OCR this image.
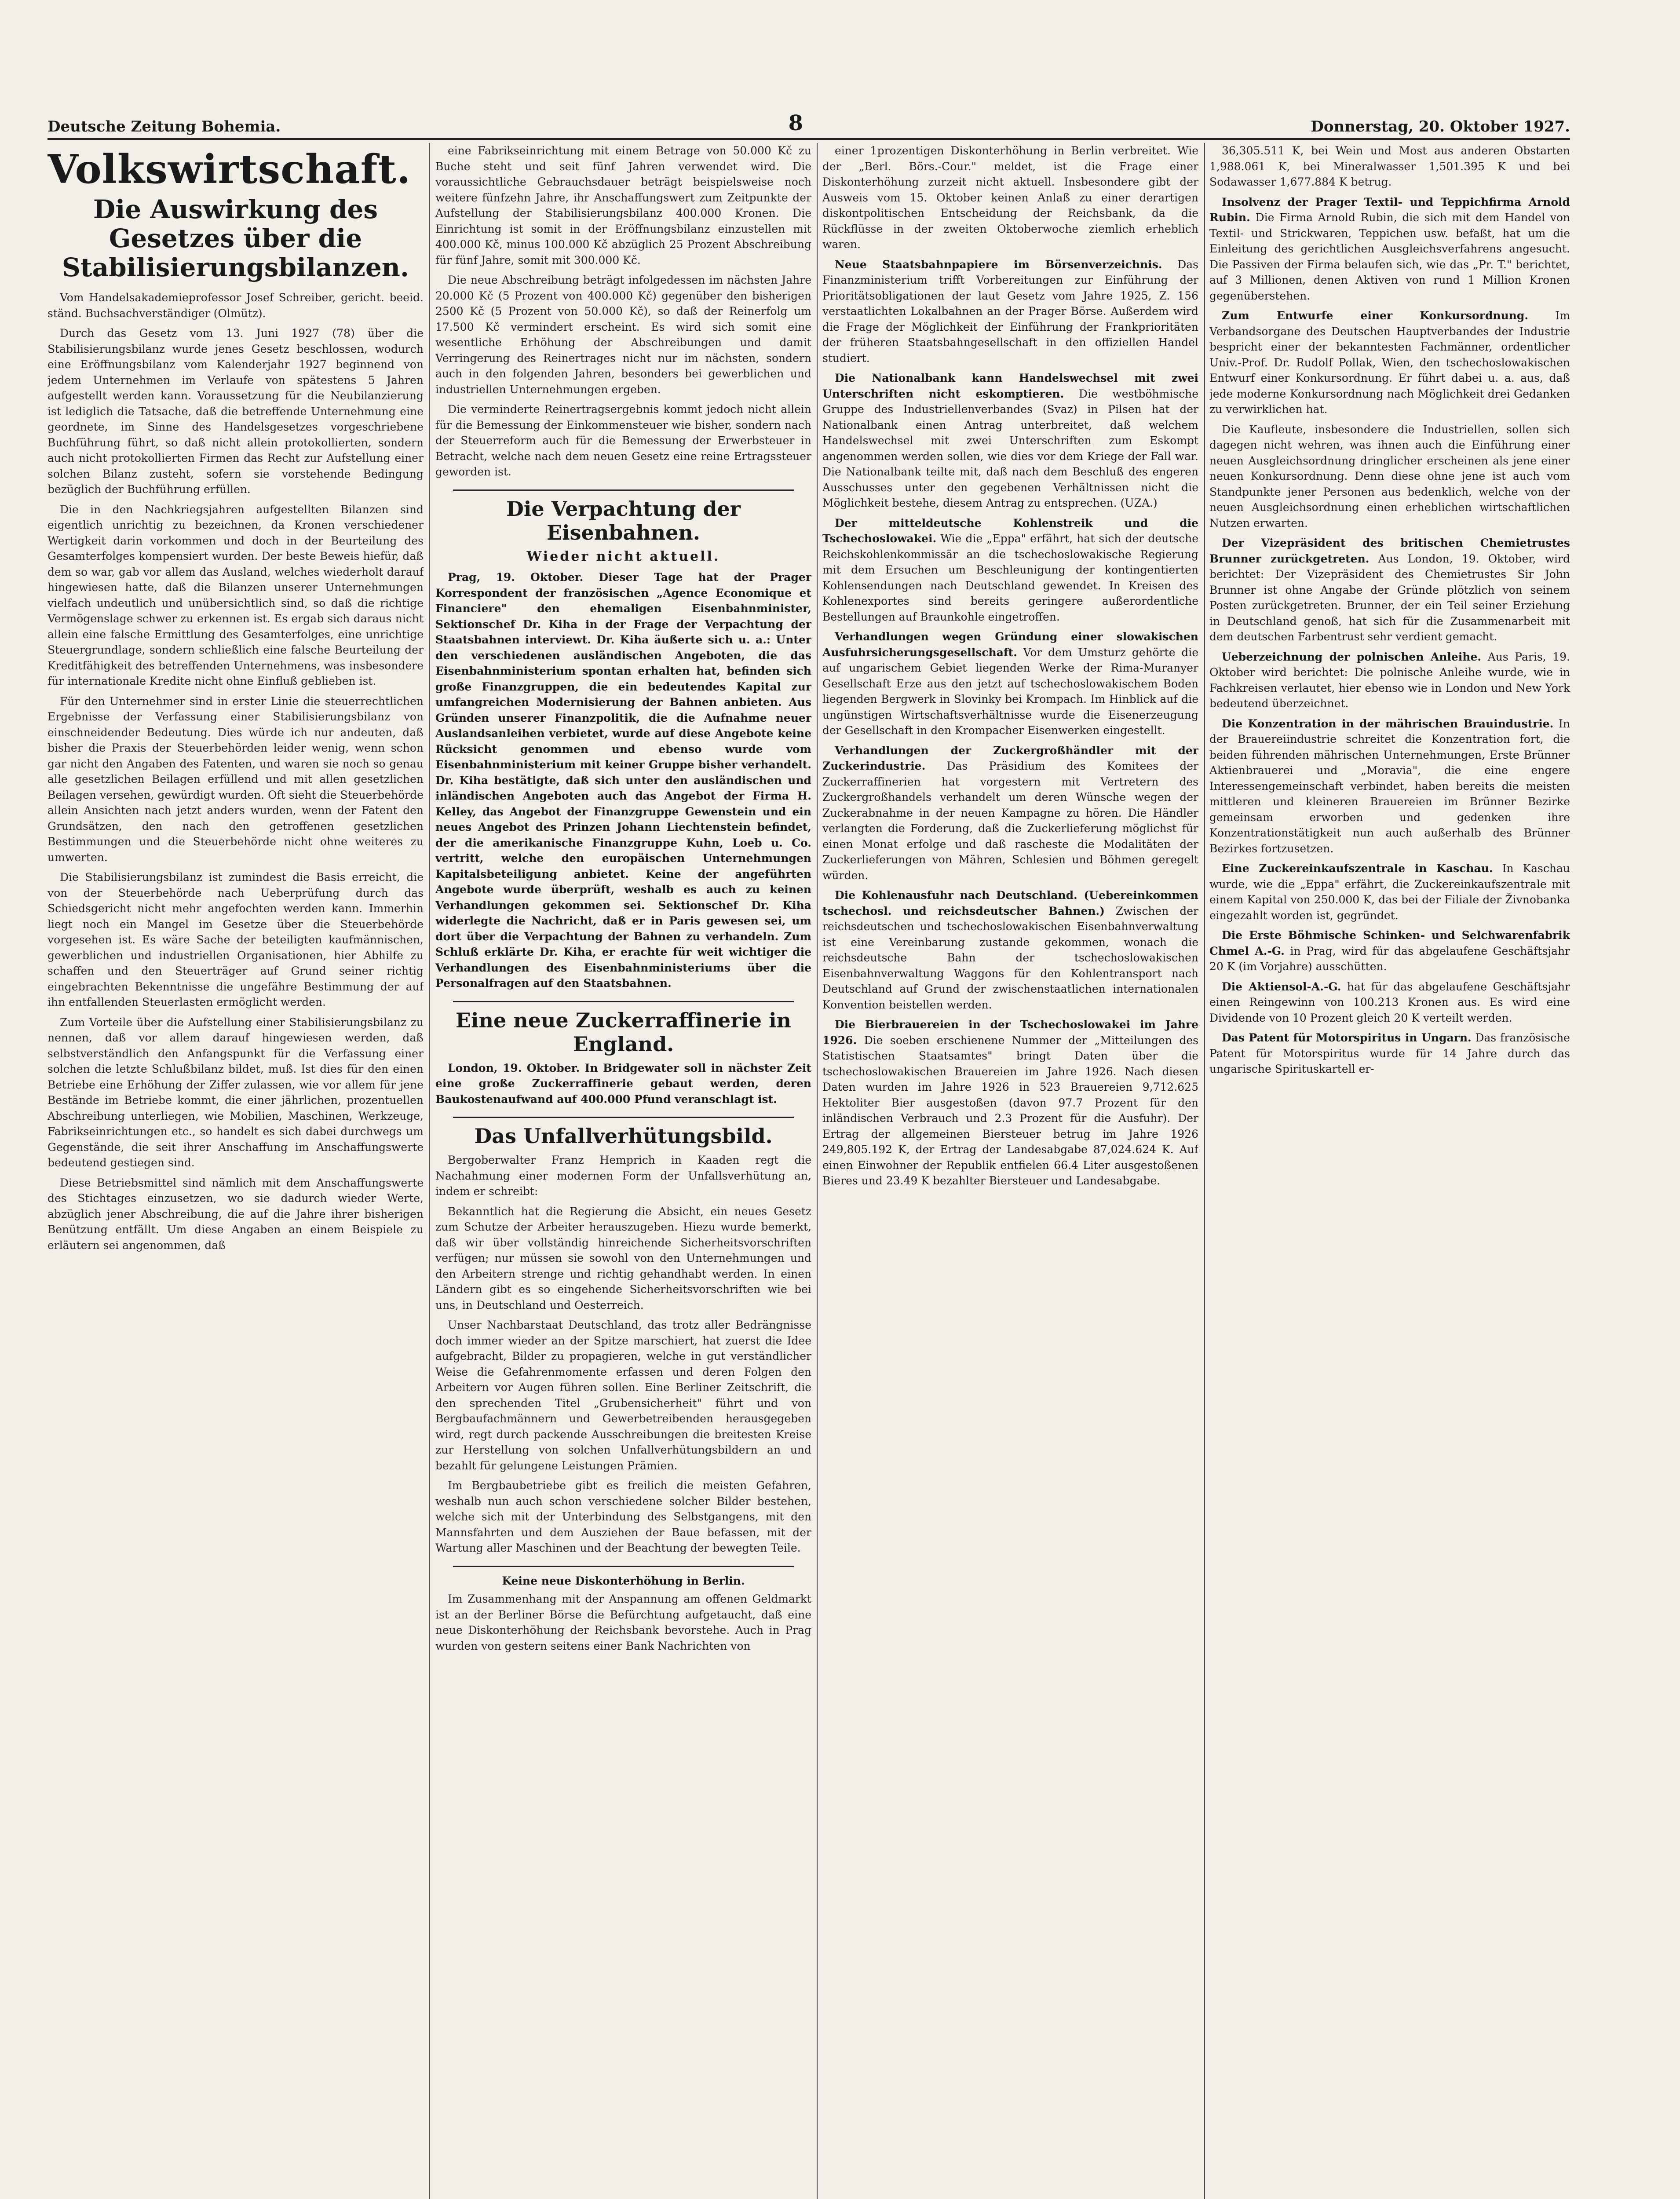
Deutsche Zeitung Bohemia.	8	Donnerstag, 20. Oktober 1927.
Volkswirtschaft.
Die Auswirkung des Gesetzes über die Stabilisierungsbilanzen.

Vom Handelsakademieprofessor Josef Schreiber, gericht. beeid. ständ. Buchsachverständiger (Olmütz).

Durch das Gesetz vom 13. Juni 1927 (78) über die Stabilisierungsbilanz wurde jenes Gesetz beschlossen, wodurch eine Eröffnungsbilanz vom Kalenderjahr 1927 beginnend von jedem Unternehmen im Verlaufe von spätestens 5 Jahren aufgestellt werden kann. Voraussetzung für die Neubilanzierung ist lediglich die Tatsache, daß die betreffende Unternehmung eine geordnete, im Sinne des Handelsgesetzes vorgeschriebene Buchführung führt, so daß nicht allein protokollierten, sondern auch nicht protokollierten Firmen das Recht zur Aufstellung einer solchen Bilanz zusteht, sofern sie vorstehende Bedingung bezüglich der Buchführung erfüllen.

Die in den Nachkriegsjahren aufgestellten Bilanzen sind eigentlich unrichtig zu bezeichnen, da Kronen verschiedener Wertigkeit darin vorkommen und doch in der Beurteilung des Gesamterfolges kompensiert wurden. Der beste Beweis hiefür, daß dem so war, gab vor allem das Ausland, welches wiederholt darauf hingewiesen hatte, daß die Bilanzen unserer Unternehmungen vielfach undeutlich und unübersichtlich sind, so daß die richtige Vermögenslage schwer zu erkennen ist. Es ergab sich daraus nicht allein eine falsche Ermittlung des Gesamterfolges, eine unrichtige Steuergrundlage, sondern schließlich eine falsche Beurteilung der Kreditfähigkeit des betreffenden Unternehmens, was insbesondere für internationale Kredite nicht ohne Einfluß geblieben ist.

Für den Unternehmer sind in erster Linie die steuerrechtlichen Ergebnisse der Verfassung einer Stabilisierungsbilanz von einschneidender Bedeutung. Dies würde ich nur andeuten, daß bisher die Praxis der Steuerbehörden leider wenig, wenn schon gar nicht den Angaben des Fatenten, und waren sie noch so genau alle gesetzlichen Beilagen erfüllend und mit allen gesetzlichen Beilagen versehen, gewürdigt wurden. Oft sieht die Steuerbehörde allein Ansichten nach jetzt anders wurden, wenn der Fatent den Grundsätzen, den nach den getroffenen gesetzlichen Bestimmungen und die Steuerbehörde nicht ohne weiteres zu umwerten.

Die Stabilisierungsbilanz ist zumindest die Basis erreicht, die von der Steuerbehörde nach Ueberprüfung durch das Schiedsgericht nicht mehr angefochten werden kann. Immerhin liegt noch ein Mangel im Gesetze über die Steuerbehörde vorgesehen ist. Es wäre Sache der beteiligten kaufmännischen, gewerblichen und industriellen Organisationen, hier Abhilfe zu schaffen und den Steuerträger auf Grund seiner richtig eingebrachten Bekenntnisse die ungefähre Bestimmung der auf ihn entfallenden Steuerlasten ermöglicht werden.

Zum Vorteile über die Aufstellung einer Stabilisierungsbilanz zu nennen, daß vor allem darauf hingewiesen werden, daß selbstverständlich den Anfangspunkt für die Verfassung einer solchen die letzte Schlußbilanz bildet, muß. Ist dies für den einen Betriebe eine Erhöhung der Ziffer zulassen, wie vor allem für jene Bestände im Betriebe kommt, die einer jährlichen, prozentuellen Abschreibung unterliegen, wie Mobilien, Maschinen, Werkzeuge, Fabrikseinrichtungen etc., so handelt es sich dabei durchwegs um Gegenstände, die seit ihrer Anschaffung im Anschaffungswerte bedeutend gestiegen sind.

Diese Betriebsmittel sind nämlich mit dem Anschaffungswerte des Stichtages einzusetzen, wo sie dadurch wieder Werte, abzüglich jener Abschreibung, die auf die Jahre ihrer bisherigen Benützung entfällt. Um diese Angaben an einem Beispiele zu erläutern sei angenommen, daß

eine Fabrikseinrichtung mit einem Betrage von 50.000 Kč zu Buche steht und seit fünf Jahren verwendet wird. Die voraussichtliche Gebrauchsdauer beträgt beispielsweise noch weitere fünfzehn Jahre, ihr Anschaffungswert zum Zeitpunkte der Aufstellung der Stabilisierungsbilanz 400.000 Kronen. Die Einrichtung ist somit in der Eröffnungsbilanz einzustellen mit 400.000 Kč, minus 100.000 Kč abzüglich 25 Prozent Abschreibung für fünf Jahre, somit mit 300.000 Kč.

Die neue Abschreibung beträgt infolgedessen im nächsten Jahre 20.000 Kč (5 Prozent von 400.000 Kč) gegenüber den bisherigen 2500 Kč (5 Prozent von 50.000 Kč), so daß der Reinerfolg um 17.500 Kč vermindert erscheint. Es wird sich somit eine wesentliche Erhöhung der Abschreibungen und damit Verringerung des Reinertrages nicht nur im nächsten, sondern auch in den folgenden Jahren, besonders bei gewerblichen und industriellen Unternehmungen ergeben.

Die verminderte Reinertragsergebnis kommt jedoch nicht allein für die Bemessung der Einkommensteuer wie bisher, sondern nach der Steuerreform auch für die Bemessung der Erwerbsteuer in Betracht, welche nach dem neuen Gesetz eine reine Ertragssteuer geworden ist.

Die Verpachtung der Eisenbahnen.
Wieder nicht aktuell.

Prag, 19. Oktober. Dieser Tage hat der Prager Korrespondent der französischen „Agence Economique et Financiere" den ehemaligen Eisenbahnminister, Sektionschef Dr. Kiha in der Frage der Verpachtung der Staatsbahnen interviewt. Dr. Kiha äußerte sich u. a.: Unter den verschiedenen ausländischen Angeboten, die das Eisenbahnministerium spontan erhalten hat, befinden sich große Finanzgruppen, die ein bedeutendes Kapital zur umfangreichen Modernisierung der Bahnen anbieten. Aus Gründen unserer Finanzpolitik, die die Aufnahme neuer Auslandsanleihen verbietet, wurde auf diese Angebote keine Rücksicht genommen und ebenso wurde vom Eisenbahnministerium mit keiner Gruppe bisher verhandelt. Dr. Kiha bestätigte, daß sich unter den ausländischen und inländischen Angeboten auch das Angebot der Firma H. Kelley, das Angebot der Finanzgruppe Gewenstein und ein neues Angebot des Prinzen Johann Liechtenstein befindet, der die amerikanische Finanzgruppe Kuhn, Loeb u. Co. vertritt, welche den europäischen Unternehmungen Kapitalsbeteiligung anbietet. Keine der angeführten Angebote wurde überprüft, weshalb es auch zu keinen Verhandlungen gekommen sei. Sektionschef Dr. Kiha widerlegte die Nachricht, daß er in Paris gewesen sei, um dort über die Verpachtung der Bahnen zu verhandeln. Zum Schluß erklärte Dr. Kiha, er erachte für weit wichtiger die Verhandlungen des Eisenbahnministeriums über die Personalfragen auf den Staatsbahnen.

Eine neue Zuckerraffinerie in England.

London, 19. Oktober. In Bridgewater soll in nächster Zeit eine große Zuckerraffinerie gebaut werden, deren Baukostenaufwand auf 400.000 Pfund veranschlagt ist.

Das Unfallverhütungsbild.

Bergoberwalter Franz Hemprich in Kaaden regt die Nachahmung einer modernen Form der Unfallsverhütung an, indem er schreibt:

Bekanntlich hat die Regierung die Absicht, ein neues Gesetz zum Schutze der Arbeiter herauszugeben. Hiezu wurde bemerkt, daß wir über vollständig hinreichende Sicherheitsvorschriften verfügen; nur müssen sie sowohl von den Unternehmungen und den Arbeitern strenge und richtig gehandhabt werden. In einen Ländern gibt es so eingehende Sicherheitsvorschriften wie bei uns, in Deutschland und Oesterreich.

Unser Nachbarstaat Deutschland, das trotz aller Bedrängnisse doch immer wieder an der Spitze marschiert, hat zuerst die Idee aufgebracht, Bilder zu propagieren, welche in gut verständlicher Weise die Gefahrenmomente erfassen und deren Folgen den Arbeitern vor Augen führen sollen. Eine Berliner Zeitschrift, die den sprechenden Titel „Grubensicherheit" führt und von Bergbaufachmännern und Gewerbetreibenden herausgegeben wird, regt durch packende Ausschreibungen die breitesten Kreise zur Herstellung von solchen Unfallverhütungsbildern an und bezahlt für gelungene Leistungen Prämien.

Im Bergbaubetriebe gibt es freilich die meisten Gefahren, weshalb nun auch schon verschiedene solcher Bilder bestehen, welche sich mit der Unterbindung des Selbstgangens, mit den Mannsfahrten und dem Ausziehen der Baue befassen, mit der Wartung aller Maschinen und der Beachtung der bewegten Teile.

Keine neue Diskonterhöhung in Berlin.

Im Zusammenhang mit der Anspannung am offenen Geldmarkt ist an der Berliner Börse die Befürchtung aufgetaucht, daß eine neue Diskonterhöhung der Reichsbank bevorstehe. Auch in Prag wurden von gestern seitens einer Bank Nachrichten von

einer 1prozentigen Diskonterhöhung in Berlin verbreitet. Wie der „Berl. Börs.-Cour." meldet, ist die Frage einer Diskonterhöhung zurzeit nicht aktuell. Insbesondere gibt der Ausweis vom 15. Oktober keinen Anlaß zu einer derartigen diskontpolitischen Entscheidung der Reichsbank, da die Rückflüsse in der zweiten Oktoberwoche ziemlich erheblich waren.

Neue Staatsbahnpapiere im Börsenverzeichnis. Das Finanzministerium trifft Vorbereitungen zur Einführung der Prioritätsobligationen der laut Gesetz vom Jahre 1925, Z. 156 verstaatlichten Lokalbahnen an der Prager Börse. Außerdem wird die Frage der Möglichkeit der Einführung der Frankprioritäten der früheren Staatsbahngesellschaft in den offiziellen Handel studiert.

Die Nationalbank kann Handelswechsel mit zwei Unterschriften nicht eskomptieren. Die westböhmische Gruppe des Industriellenverbandes (Svaz) in Pilsen hat der Nationalbank einen Antrag unterbreitet, daß welchem Handelswechsel mit zwei Unterschriften zum Eskompt angenommen werden sollen, wie dies vor dem Kriege der Fall war. Die Nationalbank teilte mit, daß nach dem Beschluß des engeren Ausschusses unter den gegebenen Verhältnissen nicht die Möglichkeit bestehe, diesem Antrag zu entsprechen. (UZA.)

Der mitteldeutsche Kohlenstreik und die Tschechoslowakei. Wie die „Eppa" erfährt, hat sich der deutsche Reichskohlenkommissär an die tschechoslowakische Regierung mit dem Ersuchen um Beschleunigung der kontingentierten Kohlensendungen nach Deutschland gewendet. In Kreisen des Kohlenexportes sind bereits geringere außerordentliche Bestellungen auf Braunkohle eingetroffen.

Verhandlungen wegen Gründung einer slowakischen Ausfuhrsicherungsgesellschaft. Vor dem Umsturz gehörte die auf ungarischem Gebiet liegenden Werke der Rima-Muranyer Gesellschaft Erze aus den jetzt auf tschechoslowakischem Boden liegenden Bergwerk in Slovinky bei Krompach. Im Hinblick auf die ungünstigen Wirtschaftsverhältnisse wurde die Eisenerzeugung der Gesellschaft in den Krompacher Eisenwerken eingestellt.

Verhandlungen der Zuckergroßhändler mit der Zuckerindustrie. Das Präsidium des Komitees der Zuckerraffinerien hat vorgestern mit Vertretern des Zuckergroßhandels verhandelt um deren Wünsche wegen der Zuckerabnahme in der neuen Kampagne zu hören. Die Händler verlangten die Forderung, daß die Zuckerlieferung möglichst für einen Monat erfolge und daß rascheste die Modalitäten der Zuckerlieferungen von Mähren, Schlesien und Böhmen geregelt würden.

Die Kohlenausfuhr nach Deutschland. (Uebereinkommen tschechosl. und reichsdeutscher Bahnen.) Zwischen der reichsdeutschen und tschechoslowakischen Eisenbahnverwaltung ist eine Vereinbarung zustande gekommen, wonach die reichsdeutsche Bahn der tschechoslowakischen Eisenbahnverwaltung Waggons für den Kohlentransport nach Deutschland auf Grund der zwischenstaatlichen internationalen Konvention beistellen werden.

Die Bierbrauereien in der Tschechoslowakei im Jahre 1926. Die soeben erschienene Nummer der „Mitteilungen des Statistischen Staatsamtes" bringt Daten über die tschechoslowakischen Brauereien im Jahre 1926. Nach diesen Daten wurden im Jahre 1926 in 523 Brauereien 9,712.625 Hektoliter Bier ausgestoßen (davon 97.7 Prozent für den inländischen Verbrauch und 2.3 Prozent für die Ausfuhr). Der Ertrag der allgemeinen Biersteuer betrug im Jahre 1926 249,805.192 K, der Ertrag der Landesabgabe 87,024.624 K. Auf einen Einwohner der Republik entfielen 66.4 Liter ausgestoßenen Bieres und 23.49 K bezahlter Biersteuer und Landesabgabe.

36,305.511 K, bei Wein und Most aus anderen Obstarten 1,988.061 K, bei Mineralwasser 1,501.395 K und bei Sodawasser 1,677.884 K betrug.

Insolvenz der Prager Textil- und Teppichfirma Arnold Rubin. Die Firma Arnold Rubin, die sich mit dem Handel von Textil- und Strickwaren, Teppichen usw. befaßt, hat um die Einleitung des gerichtlichen Ausgleichsverfahrens angesucht. Die Passiven der Firma belaufen sich, wie das „Pr. T." berichtet, auf 3 Millionen, denen Aktiven von rund 1 Million Kronen gegenüberstehen.

Zum Entwurfe einer Konkursordnung. Im Verbandsorgane des Deutschen Hauptverbandes der Industrie bespricht einer der bekanntesten Fachmänner, ordentlicher Univ.-Prof. Dr. Rudolf Pollak, Wien, den tschechoslowakischen Entwurf einer Konkursordnung. Er führt dabei u. a. aus, daß jede moderne Konkursordnung nach Möglichkeit drei Gedanken zu verwirklichen hat.

Die Kaufleute, insbesondere die Industriellen, sollen sich dagegen nicht wehren, was ihnen auch die Einführung einer neuen Ausgleichsordnung dringlicher erscheinen als jene einer neuen Konkursordnung. Denn diese ohne jene ist auch vom Standpunkte jener Personen aus bedenklich, welche von der neuen Ausgleichsordnung einen erheblichen wirtschaftlichen Nutzen erwarten.

Der Vizepräsident des britischen Chemietrustes Brunner zurückgetreten. Aus London, 19. Oktober, wird berichtet: Der Vizepräsident des Chemietrustes Sir John Brunner ist ohne Angabe der Gründe plötzlich von seinem Posten zurückgetreten. Brunner, der ein Teil seiner Erziehung in Deutschland genoß, hat sich für die Zusammenarbeit mit dem deutschen Farbentrust sehr verdient gemacht.

Ueberzeichnung der polnischen Anleihe. Aus Paris, 19. Oktober wird berichtet: Die polnische Anleihe wurde, wie in Fachkreisen verlautet, hier ebenso wie in London und New York bedeutend überzeichnet.

Die Konzentration in der mährischen Brauindustrie. In der Brauereiindustrie schreitet die Konzentration fort, die beiden führenden mährischen Unternehmungen, Erste Brünner Aktienbrauerei und „Moravia", die eine engere Interessengemeinschaft verbindet, haben bereits die meisten mittleren und kleineren Brauereien im Brünner Bezirke gemeinsam erworben und gedenken ihre Konzentrationstätigkeit nun auch außerhalb des Brünner Bezirkes fortzusetzen.

Eine Zuckereinkaufszentrale in Kaschau. In Kaschau wurde, wie die „Eppa" erfährt, die Zuckereinkaufszentrale mit einem Kapital von 250.000 K, das bei der Filiale der Živnobanka eingezahlt worden ist, gegründet.

Die Erste Böhmische Schinken- und Selchwarenfabrik Chmel A.-G. in Prag, wird für das abgelaufene Geschäftsjahr 20 K (im Vorjahre) ausschütten.

Die Aktiensol-A.-G. hat für das abgelaufene Geschäftsjahr einen Reingewinn von 100.213 Kronen aus. Es wird eine Dividende von 10 Prozent gleich 20 K verteilt werden.

Das Patent für Motorspiritus in Ungarn. Das französische Patent für Motorspiritus wurde für 14 Jahre durch das ungarische Spirituskartell er-
